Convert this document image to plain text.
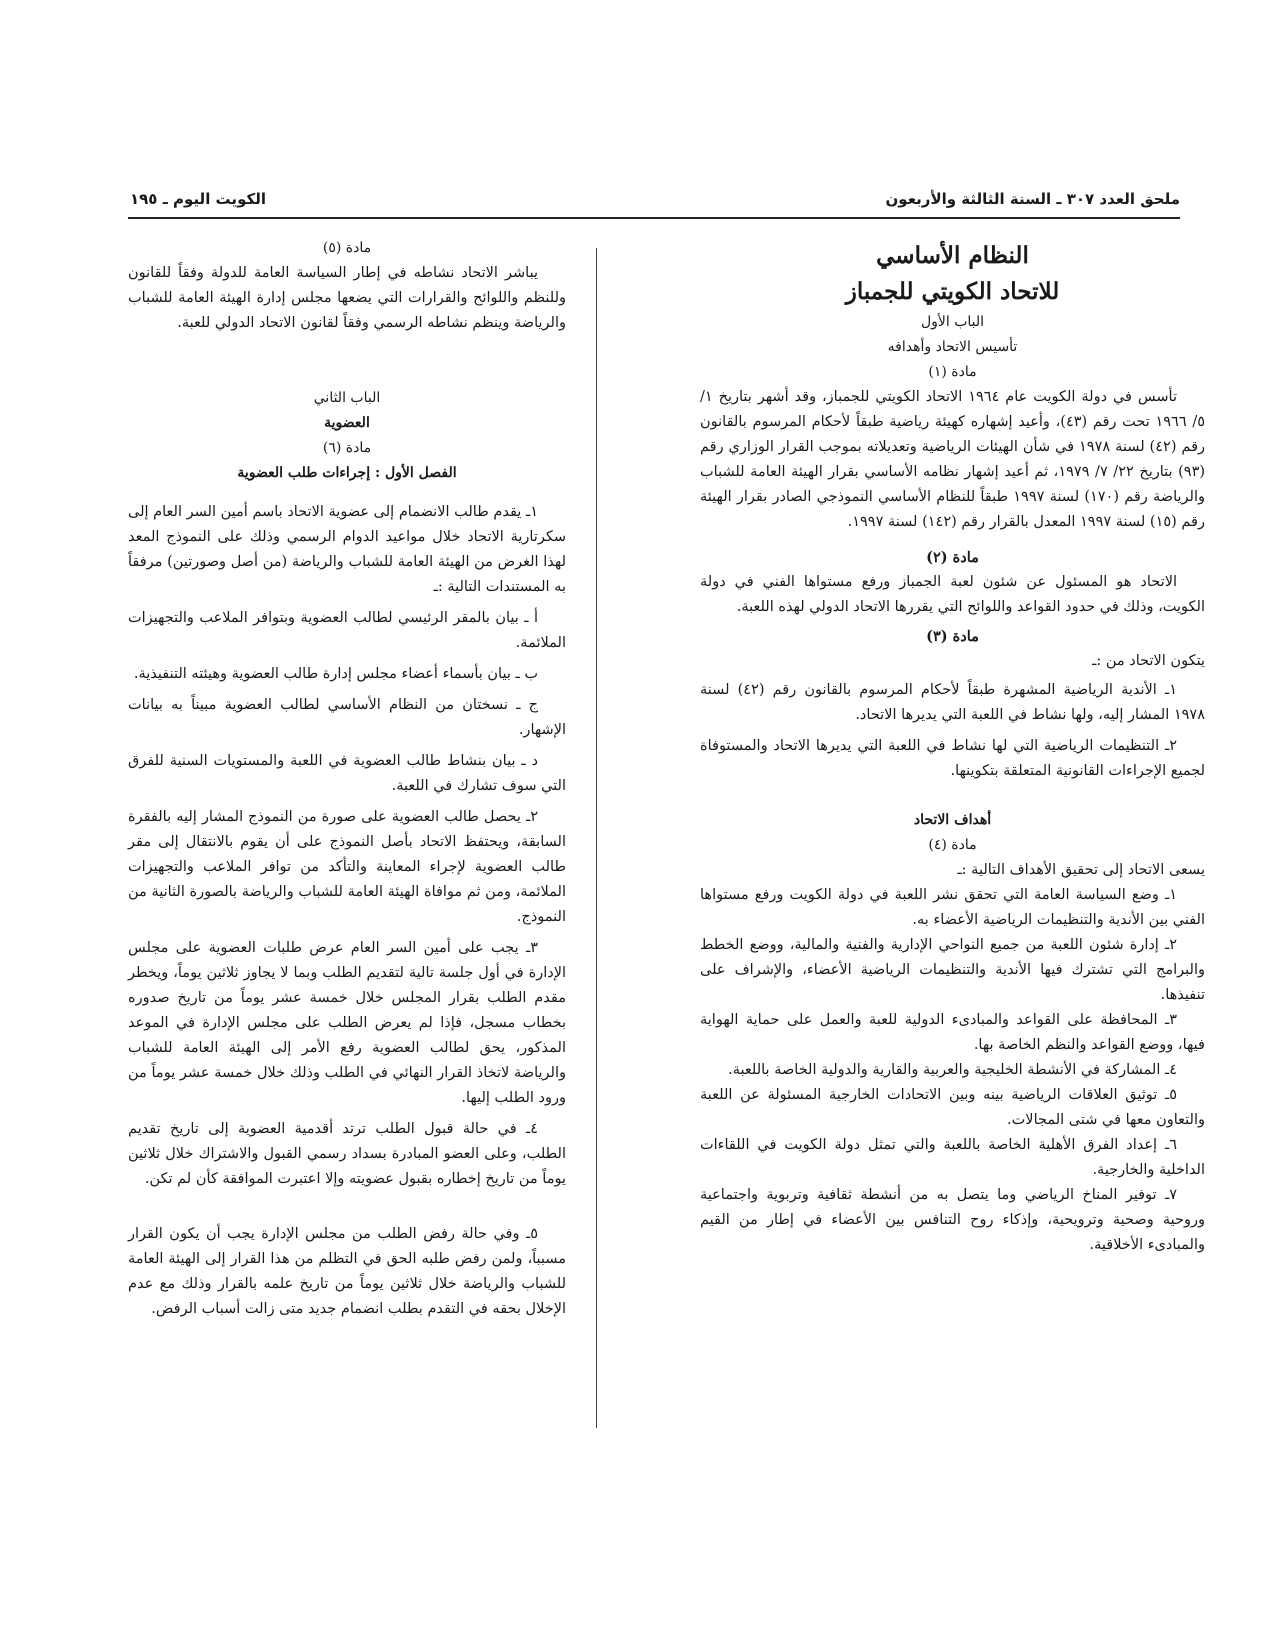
ملحق العدد ٣٠٧ ـ السنة الثالثة والأربعون
الكويت اليوم ـ ١٩٥
النظام الأساسي
للاتحاد الكويتي للجمباز
الباب الأول
تأسيس الاتحاد وأهدافه
مادة (١)

تأسس في دولة الكويت عام ١٩٦٤ الاتحاد الكويتي للجمباز، وقد أشهر بتاريخ ١/ ٥/ ١٩٦٦ تحت رقم (٤٣)، وأعيد إشهاره كهيئة رياضية طبقاً لأحكام المرسوم بالقانون رقم (٤٢) لسنة ١٩٧٨ في شأن الهيئات الرياضية وتعديلاته بموجب القرار الوزاري رقم (٩٣) بتاريخ ٢٢/ ٧/ ١٩٧٩، ثم أعيد إشهار نظامه الأساسي بقرار الهيئة العامة للشباب والرياضة رقم (١٧٠) لسنة ١٩٩٧ طبقاً للنظام الأساسي النموذجي الصادر بقرار الهيئة رقم (١٥) لسنة ١٩٩٧ المعدل بالقرار رقم (١٤٢) لسنة ١٩٩٧.

مادة (٢)

الاتحاد هو المسئول عن شئون لعبة الجمباز ورفع مستواها الفني في دولة الكويت، وذلك في حدود القواعد واللوائح التي يقررها الاتحاد الدولي لهذه اللعبة.

مادة (٣)

يتكون الاتحاد من :ـ

١ـ الأندية الرياضية المشهرة طبقاً لأحكام المرسوم بالقانون رقم (٤٢) لسنة ١٩٧٨ المشار إليه، ولها نشاط في اللعبة التي يديرها الاتحاد.

٢ـ التنظيمات الرياضية التي لها نشاط في اللعبة التي يديرها الاتحاد والمستوفاة لجميع الإجراءات القانونية المتعلقة بتكوينها.

أهداف الاتحاد
مادة (٤)

يسعى الاتحاد إلى تحقيق الأهداف التالية :ـ

١ـ وضع السياسة العامة التي تحقق نشر اللعبة في دولة الكويت ورفع مستواها الفني بين الأندية والتنظيمات الرياضية الأعضاء به.

٢ـ إدارة شئون اللعبة من جميع النواحي الإدارية والفنية والمالية، ووضع الخطط والبرامج التي تشترك فيها الأندية والتنظيمات الرياضية الأعضاء، والإشراف على تنفيذها.

٣ـ المحافظة على القواعد والمبادىء الدولية للعبة والعمل على حماية الهواية فيها، ووضع القواعد والنظم الخاصة بها.

٤ـ المشاركة في الأنشطة الخليجية والعربية والقارية والدولية الخاصة باللعبة.

٥ـ توثيق العلاقات الرياضية بينه وبين الاتحادات الخارجية المسئولة عن اللعبة والتعاون معها في شتى المجالات.

٦ـ إعداد الفرق الأهلية الخاصة باللعبة والتي تمثل دولة الكويت في اللقاءات الداخلية والخارجية.

٧ـ توفير المناخ الرياضي وما يتصل به من أنشطة ثقافية وتربوية واجتماعية وروحية وصحية وترويحية، وإذكاء روح التنافس بين الأعضاء في إطار من القيم والمبادىء الأخلاقية.

مادة (٥)

يباشر الاتحاد نشاطه في إطار السياسة العامة للدولة وفقاً للقانون وللنظم واللوائح والقرارات التي يضعها مجلس إدارة الهيئة العامة للشباب والرياضة وينظم نشاطه الرسمي وفقاً لقانون الاتحاد الدولي للعبة.

الباب الثاني
العضوية
مادة (٦)
الفصل الأول : إجراءات طلب العضوية

١ـ يقدم طالب الانضمام إلى عضوية الاتحاد باسم أمين السر العام إلى سكرتارية الاتحاد خلال مواعيد الدوام الرسمي وذلك على النموذج المعد لهذا الغرض من الهيئة العامة للشباب والرياضة (من أصل وصورتين) مرفقاً به المستندات التالية :ـ

أ ـ بيان بالمقر الرئيسي لطالب العضوية وبتوافر الملاعب والتجهيزات الملائمة.

ب ـ بيان بأسماء أعضاء مجلس إدارة طالب العضوية وهيئته التنفيذية.

ج ـ نسختان من النظام الأساسي لطالب العضوية مبيناً به بيانات الإشهار.

د ـ بيان بنشاط طالب العضوية في اللعبة والمستويات السنية للفرق التي سوف تشارك في اللعبة.

٢ـ يحصل طالب العضوية على صورة من النموذج المشار إليه بالفقرة السابقة، ويحتفظ الاتحاد بأصل النموذج على أن يقوم بالانتقال إلى مقر طالب العضوية لإجراء المعاينة والتأكد من توافر الملاعب والتجهيزات الملائمة، ومن ثم موافاة الهيئة العامة للشباب والرياضة بالصورة الثانية من النموذج.

٣ـ يجب على أمين السر العام عرض طلبات العضوية على مجلس الإدارة في أول جلسة تالية لتقديم الطلب وبما لا يجاوز ثلاثين يوماً، ويخطر مقدم الطلب بقرار المجلس خلال خمسة عشر يوماً من تاريخ صدوره بخطاب مسجل، فإذا لم يعرض الطلب على مجلس الإدارة في الموعد المذكور، يحق لطالب العضوية رفع الأمر إلى الهيئة العامة للشباب والرياضة لاتخاذ القرار النهائي في الطلب وذلك خلال خمسة عشر يوماً من ورود الطلب إليها.

٤ـ في حالة قبول الطلب ترتد أقدمية العضوية إلى تاريخ تقديم الطلب، وعلى العضو المبادرة بسداد رسمي القبول والاشتراك خلال ثلاثين يوماً من تاريخ إخطاره بقبول عضويته وإلا اعتبرت الموافقة كأن لم تكن.

٥ـ وفي حالة رفض الطلب من مجلس الإدارة يجب أن يكون القرار مسبباً، ولمن رفض طلبه الحق في التظلم من هذا القرار إلى الهيئة العامة للشباب والرياضة خلال ثلاثين يوماً من تاريخ علمه بالقرار وذلك مع عدم الإخلال بحقه في التقدم بطلب انضمام جديد متى زالت أسباب الرفض.
